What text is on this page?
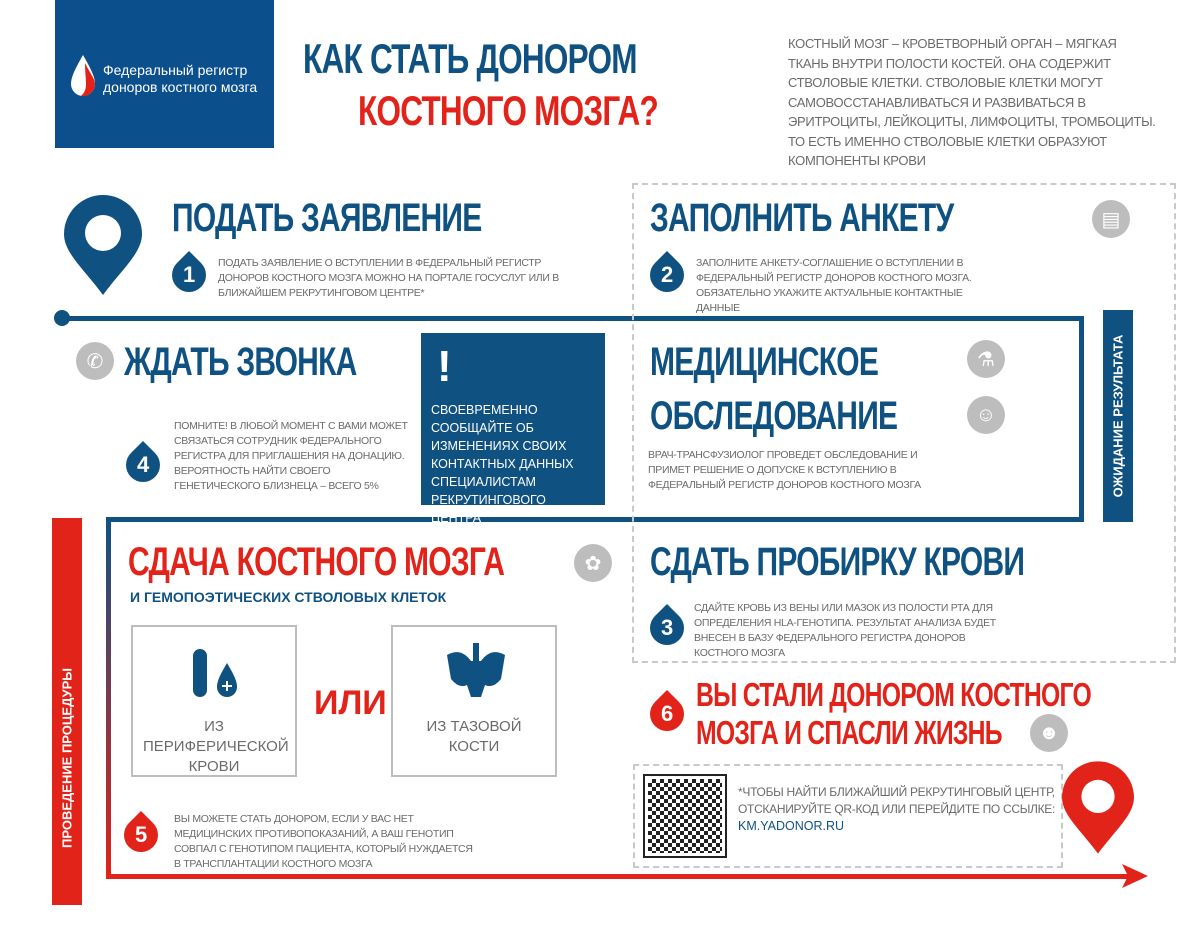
Федеральный регистр
доноров костного мозга
КАК СТАТЬ ДОНОРОМ
КОСТНОГО МОЗГА?
КОСТНЫЙ МОЗГ – КРОВЕТВОРНЫЙ ОРГАН – МЯГКАЯ ТКАНЬ ВНУТРИ ПОЛОСТИ КОСТЕЙ. ОНА СОДЕРЖИТ СТВОЛОВЫЕ КЛЕТКИ. СТВОЛОВЫЕ КЛЕТКИ МОГУТ САМОВОССТАНАВЛИВАТЬСЯ И РАЗВИВАТЬСЯ В ЭРИТРОЦИТЫ, ЛЕЙКОЦИТЫ, ЛИМФОЦИТЫ, ТРОМБОЦИТЫ. ТО ЕСТЬ ИМЕННО СТВОЛОВЫЕ КЛЕТКИ ОБРАЗУЮТ КОМПОНЕНТЫ КРОВИ
ОЖИДАНИЕ РЕЗУЛЬТАТА
ПРОВЕДЕНИЕ ПРОЦЕДУРЫ
ПОДАТЬ ЗАЯВЛЕНИЕ
1 ПОДАТЬ ЗАЯВЛЕНИЕ О ВСТУПЛЕНИИ В ФЕДЕРАЛЬНЫЙ РЕГИСТР ДОНОРОВ КОСТНОГО МОЗГА МОЖНО НА ПОРТАЛЕ ГОСУСЛУГ ИЛИ В БЛИЖАЙШЕМ РЕКРУТИНГОВОМ ЦЕНТРЕ*
ЗАПОЛНИТЬ АНКЕТУ	▤
2 ЗАПОЛНИТЕ АНКЕТУ-СОГЛАШЕНИЕ О ВСТУПЛЕНИИ В ФЕДЕРАЛЬНЫЙ РЕГИСТР ДОНОРОВ КОСТНОГО МОЗГА. ОБЯЗАТЕЛЬНО УКАЖИТЕ АКТУАЛЬНЫЕ КОНТАКТНЫЕ ДАННЫЕ
✆ ЖДАТЬ ЗВОНКА
4
ПОМНИТЕ! В ЛЮБОЙ МОМЕНТ С ВАМИ МОЖЕТ СВЯЗАТЬСЯ СОТРУДНИК ФЕДЕРАЛЬНОГО РЕГИСТРА ДЛЯ ПРИГЛАШЕНИЯ НА ДОНАЦИЮ. ВЕРОЯТНОСТЬ НАЙТИ СВОЕГО ГЕНЕТИЧЕСКОГО БЛИЗНЕЦА – ВСЕГО 5%
!
СВОЕВРЕМЕННО СООБЩАЙТЕ ОБ ИЗМЕНЕНИЯХ СВОИХ КОНТАКТНЫХ ДАННЫХ СПЕЦИАЛИСТАМ РЕКРУТИНГОВОГО ЦЕНТРА
МЕДИЦИНСКОЕ
ОБСЛЕДОВАНИЕ
⚗
☺
ВРАЧ-ТРАНСФУЗИОЛОГ ПРОВЕДЕТ ОБСЛЕДОВАНИЕ И ПРИМЕТ РЕШЕНИЕ О ДОПУСКЕ К ВСТУПЛЕНИЮ В ФЕДЕРАЛЬНЫЙ РЕГИСТР ДОНОРОВ КОСТНОГО МОЗГА
СДАЧА КОСТНОГО МОЗГА	✿
И ГЕМОПОЭТИЧЕСКИХ СТВОЛОВЫХ КЛЕТОК
ИЗ ПЕРИФЕРИЧЕСКОЙ КРОВИ
ИЛИ
ИЗ ТАЗОВОЙ КОСТИ
5
ВЫ МОЖЕТЕ СТАТЬ ДОНОРОМ, ЕСЛИ У ВАС НЕТ МЕДИЦИНСКИХ ПРОТИВОПОКАЗАНИЙ, А ВАШ ГЕНОТИП СОВПАЛ С ГЕНОТИПОМ ПАЦИЕНТА, КОТОРЫЙ НУЖДАЕТСЯ В ТРАНСПЛАНТАЦИИ КОСТНОГО МОЗГА
СДАТЬ ПРОБИРКУ КРОВИ
3
СДАЙТЕ КРОВЬ ИЗ ВЕНЫ ИЛИ МАЗОК ИЗ ПОЛОСТИ РТА ДЛЯ ОПРЕДЕЛЕНИЯ HLA-ГЕНОТИПА. РЕЗУЛЬТАТ АНАЛИЗА БУДЕТ ВНЕСЕН В БАЗУ ФЕДЕРАЛЬНОГО РЕГИСТРА ДОНОРОВ КОСТНОГО МОЗГА
6
ВЫ СТАЛИ ДОНОРОМ КОСТНОГО
МОЗГА И СПАСЛИ ЖИЗНЬ	☻
*ЧТОБЫ НАЙТИ БЛИЖАЙШИЙ РЕКРУТИНГОВЫЙ ЦЕНТР, ОТСКАНИРУЙТЕ QR-КОД ИЛИ ПЕРЕЙДИТЕ ПО ССЫЛКЕ:
KM.YADONOR.RU
